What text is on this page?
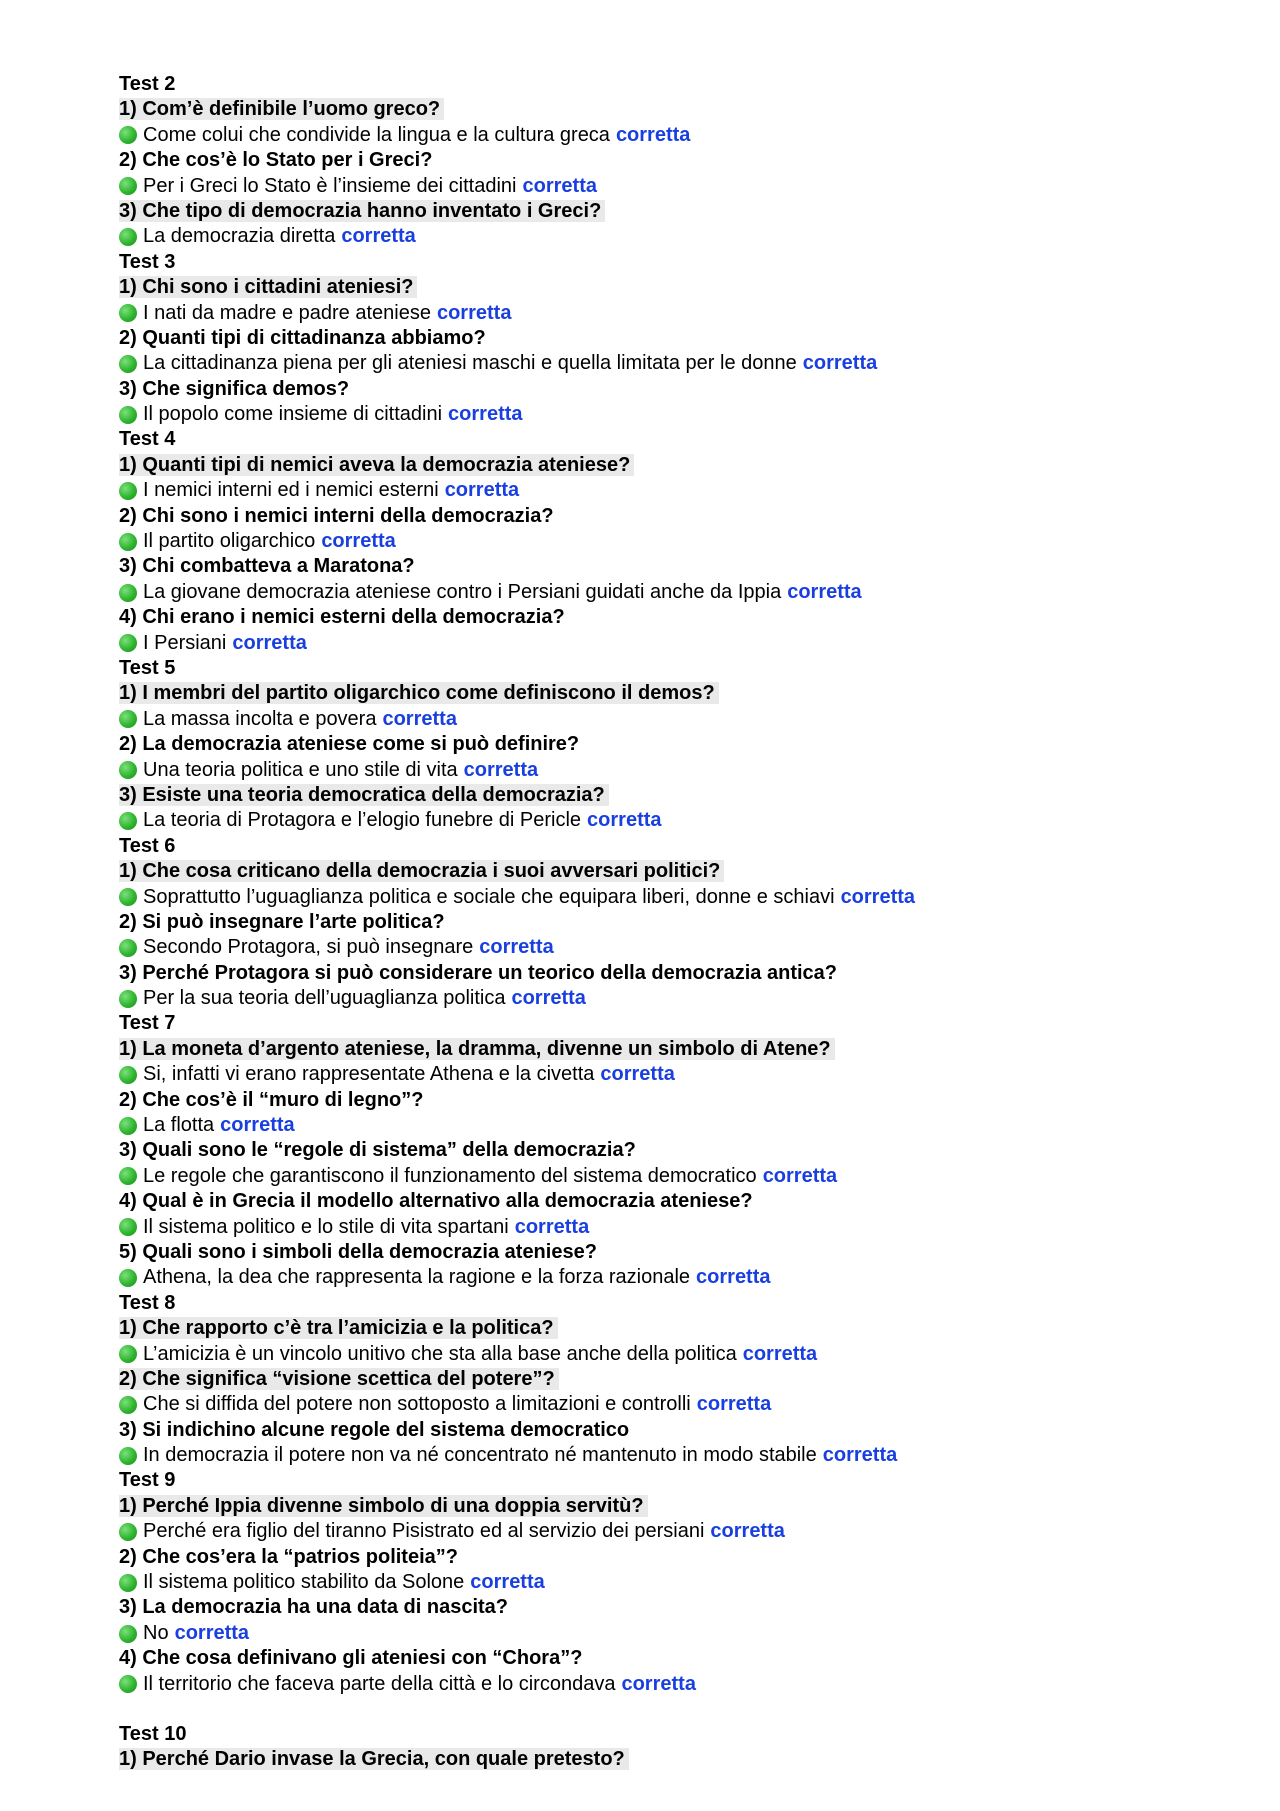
Test 2
1) Com’è definibile l’uomo greco?
Come colui che condivide la lingua e la cultura greca corretta
2) Che cos’è lo Stato per i Greci?
Per i Greci lo Stato è l’insieme dei cittadini corretta
3) Che tipo di democrazia hanno inventato i Greci?
La democrazia diretta corretta
Test 3
1) Chi sono i cittadini ateniesi?
I nati da madre e padre ateniese corretta
2) Quanti tipi di cittadinanza abbiamo?
La cittadinanza piena per gli ateniesi maschi e quella limitata per le donne corretta
3) Che significa demos?
Il popolo come insieme di cittadini corretta
Test 4
1) Quanti tipi di nemici aveva la democrazia ateniese?
I nemici interni ed i nemici esterni corretta
2) Chi sono i nemici interni della democrazia?
Il partito oligarchico corretta
3) Chi combatteva a Maratona?
La giovane democrazia ateniese contro i Persiani guidati anche da Ippia corretta
4) Chi erano i nemici esterni della democrazia?
I Persiani corretta
Test 5
1) I membri del partito oligarchico come definiscono il demos?
La massa incolta e povera corretta
2) La democrazia ateniese come si può definire?
Una teoria politica e uno stile di vita corretta
3) Esiste una teoria democratica della democrazia?
La teoria di Protagora e l’elogio funebre di Pericle corretta
Test 6
1) Che cosa criticano della democrazia i suoi avversari politici?
Soprattutto l’uguaglianza politica e sociale che equipara liberi, donne e schiavi corretta
2) Si può insegnare l’arte politica?
Secondo Protagora, si può insegnare corretta
3) Perché Protagora si può considerare un teorico della democrazia antica?
Per la sua teoria dell’uguaglianza politica corretta
Test 7
1) La moneta d’argento ateniese, la dramma, divenne un simbolo di Atene?
Si, infatti vi erano rappresentate Athena e la civetta corretta
2) Che cos’è il “muro di legno”?
La flotta corretta
3) Quali sono le “regole di sistema” della democrazia?
Le regole che garantiscono il funzionamento del sistema democratico corretta
4) Qual è in Grecia il modello alternativo alla democrazia ateniese?
Il sistema politico e lo stile di vita spartani corretta
5) Quali sono i simboli della democrazia ateniese?
Athena, la dea che rappresenta la ragione e la forza razionale corretta
Test 8
1) Che rapporto c’è tra l’amicizia e la politica?
L’amicizia è un vincolo unitivo che sta alla base anche della politica corretta
2) Che significa “visione scettica del potere”?
Che si diffida del potere non sottoposto a limitazioni e controlli corretta
3) Si indichino alcune regole del sistema democratico
In democrazia il potere non va né concentrato né mantenuto in modo stabile corretta
Test 9
1) Perché Ippia divenne simbolo di una doppia servitù?
Perché era figlio del tiranno Pisistrato ed al servizio dei persiani corretta
2) Che cos’era la “patrios politeia”?
Il sistema politico stabilito da Solone corretta
3) La democrazia ha una data di nascita?
No corretta
4) Che cosa definivano gli ateniesi con “Chora”?
Il territorio che faceva parte della città e lo circondava corretta
Test 10
1) Perché Dario invase la Grecia, con quale pretesto?
